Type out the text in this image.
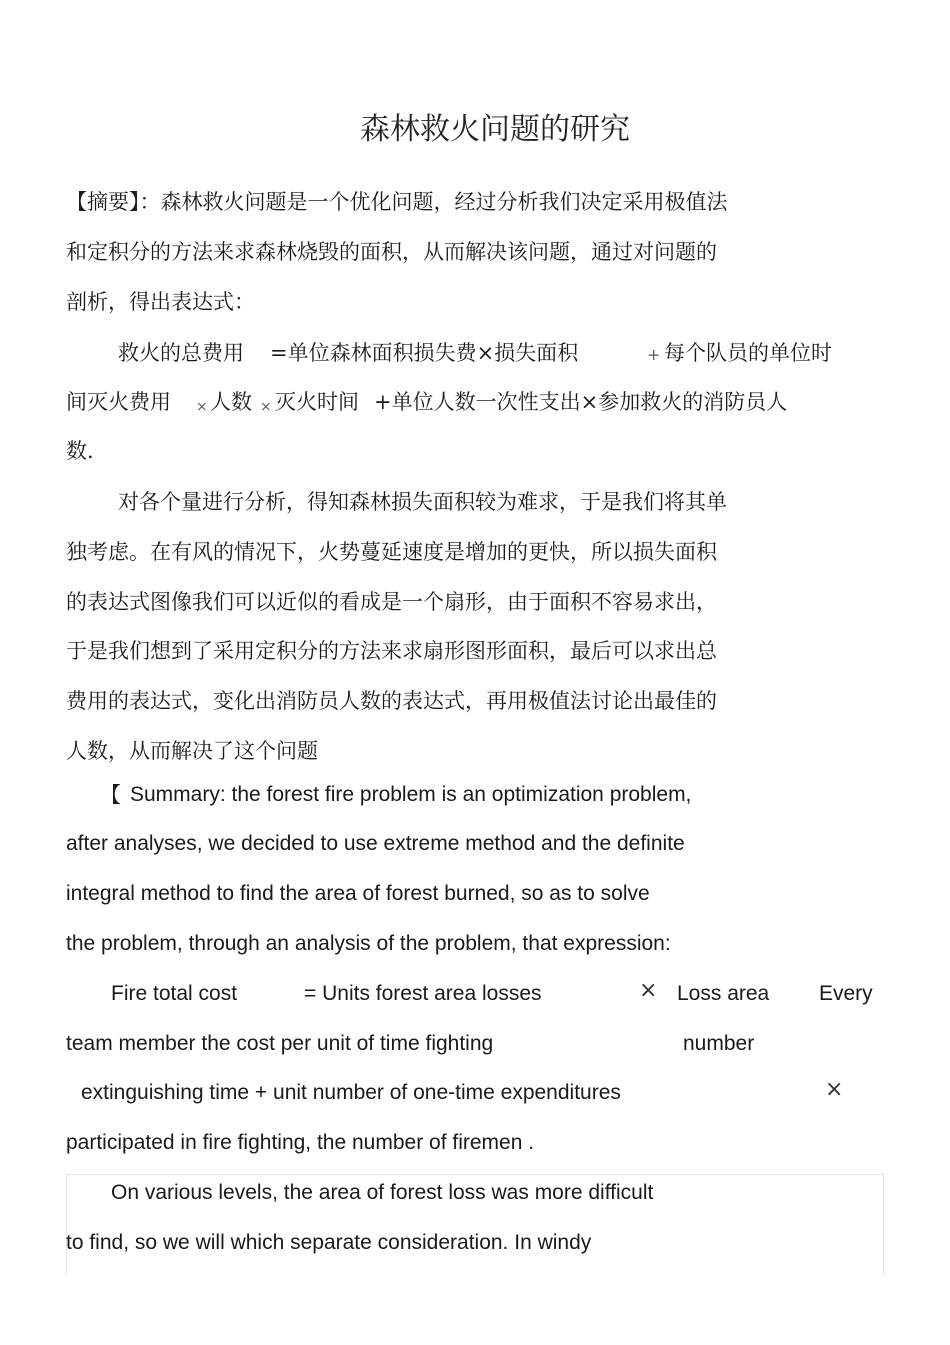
森林救火问题的研究
【摘要】：森林救火问题是一个优化问题，经过分析我们决定采用极值法
和定积分的方法来求森林烧毁的面积，从而解决该问题，通过对问题的
剖析，得出表达式：
救火的总费用 =单位森林面积损失费×损失面积	+ 每个队员的单位时
间灭火费用 × 人数 × 灭火时间 +单位人数一次性支出×参加救火的消防员人
数.
对各个量进行分析，得知森林损失面积较为难求，于是我们将其单
独考虑。在有风的情况下，火势蔓延速度是增加的更快，所以损失面积
的表达式图像我们可以近似的看成是一个扇形，由于面积不容易求出，
于是我们想到了采用定积分的方法来求扇形图形面积，最后可以求出总
费用的表达式，变化出消防员人数的表达式，再用极值法讨论出最佳的
人数，从而解决了这个问题
【 Summary: the forest fire problem is an optimization problem,
after analyses, we decided to use extreme method and the definite
integral method to find the area of forest burned, so as to solve
the problem, through an analysis of the problem, that expression:
Fire total cost	= Units forest area losses	× Loss area Every
team member the cost per unit of time fighting	number
extinguishing time + unit number of one-time expenditures	×
participated in fire fighting, the number of firemen .
On various levels, the area of forest loss was more difficult
to find, so we will which separate consideration. In windy
